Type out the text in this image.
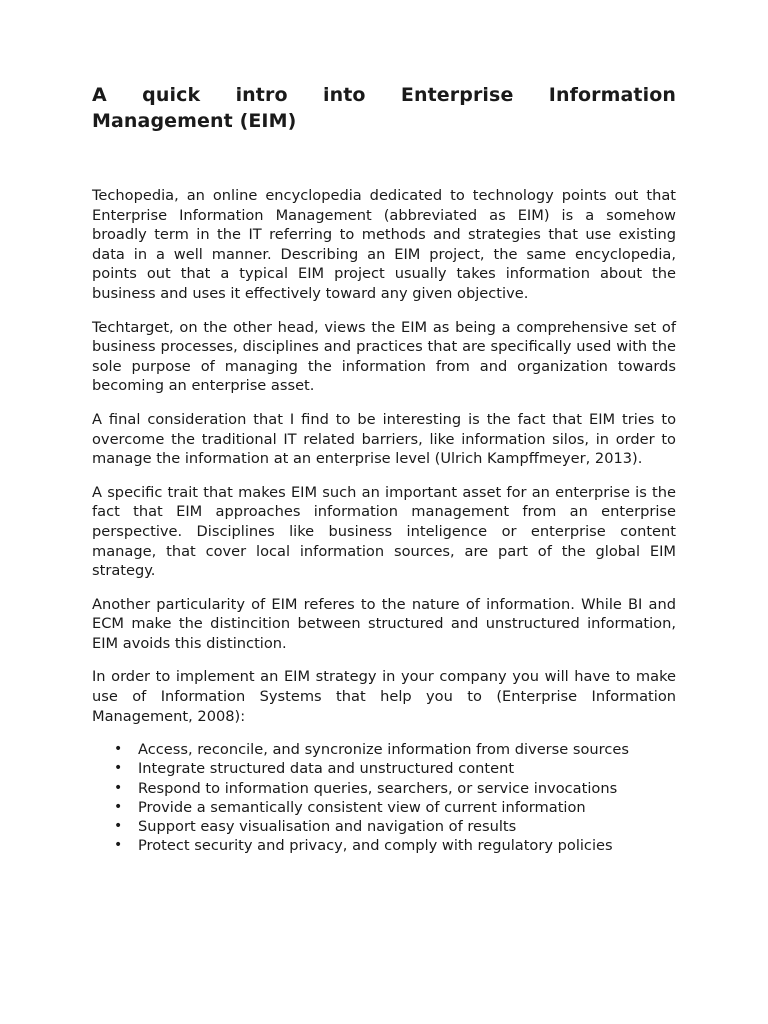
A quick intro into Enterprise Information Management (EIM)

Techopedia, an online encyclopedia dedicated to technology points out that Enterprise Information Management (abbreviated as EIM) is a somehow broadly term in the IT referring to methods and strategies that use existing data in a well manner. Describing an EIM project, the same encyclopedia, points out that a typical EIM project usually takes information about the business and uses it effectively toward any given objective.

Techtarget, on the other head, views the EIM as being a comprehensive set of business processes, disciplines and practices that are specifically used with the sole purpose of managing the information from and organization towards becoming an enterprise asset.

A final consideration that I find to be interesting is the fact that EIM tries to overcome the traditional IT related barriers, like information silos, in order to manage the information at an enterprise level (Ulrich Kampffmeyer, 2013).

A specific trait that makes EIM such an important asset for an enterprise is the fact that EIM approaches information management from an enterprise perspective. Disciplines like business inteligence or enterprise content manage, that cover local information sources, are part of the global EIM strategy.

Another particularity of EIM referes to the nature of information. While BI and ECM make the distincition between structured and unstructured information, EIM avoids this distinction.

In order to implement an EIM strategy in your company you will have to make use of Information Systems that help you to (Enterprise Information Management, 2008):

• Access, reconcile, and syncronize information from diverse sources
• Integrate structured data and unstructured content
• Respond to information queries, searchers, or service invocations
• Provide a semantically consistent view of current information
• Support easy visualisation and navigation of results
• Protect security and privacy, and comply with regulatory policies
